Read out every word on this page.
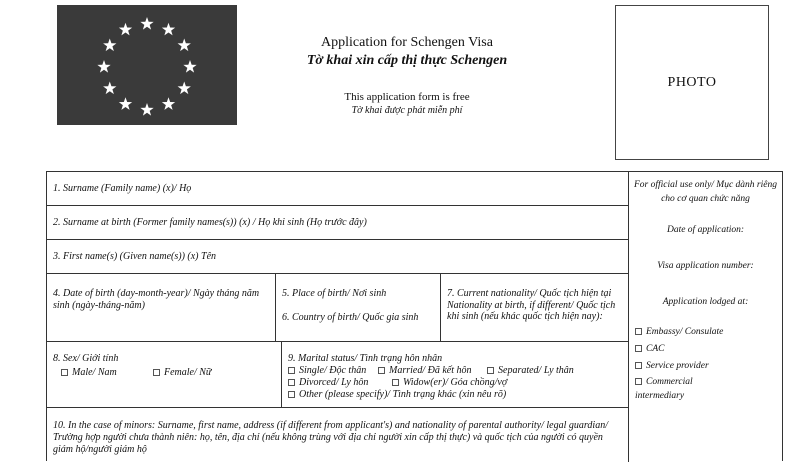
Application for Schengen Visa
Tờ khai xin cấp thị thực Schengen
This application form is free
Tờ khai được phát miễn phí
PHOTO
1. Surname (Family name) (x)/ Họ
2. Surname at birth (Former family names(s)) (x) / Họ khi sinh (Họ trước đây)
3. First name(s) (Given name(s)) (x) Tên
4. Date of birth (day-month-year)/ Ngày tháng năm sinh (ngày-tháng-năm)
5. Place of birth/ Nơi sinh
6. Country of birth/ Quốc gia sinh
7. Current nationality/ Quốc tịch hiện tại Nationality at birth, if different/ Quốc tịch khi sinh (nếu khác quốc tịch hiện nay):
8. Sex/ Giới tính
Male/ Nam	Female/ Nữ
9. Marital status/ Tình trạng hôn nhân
Single/ Độc thân	Married/ Đã kết hôn	Separated/ Ly thân
Divorced/ Ly hôn	Widow(er)/ Góa chồng/vợ
Other (please specify)/ Tình trạng khác (xin nêu rõ)
10. In the case of minors: Surname, first name, address (if different from applicant's) and nationality of parental authority/ legal guardian/ Trường hợp người chưa thành niên: họ, tên, địa chỉ (nếu không trùng với địa chỉ người xin cấp thị thực) và quốc tịch của người có quyền giám hộ/người giám hộ
For official use only/ Mục dành riêng cho cơ quan chức năng
Date of application:
Visa application number:
Application lodged at:
Embassy/ Consulate
CAC
Service provider
Commercial intermediary
